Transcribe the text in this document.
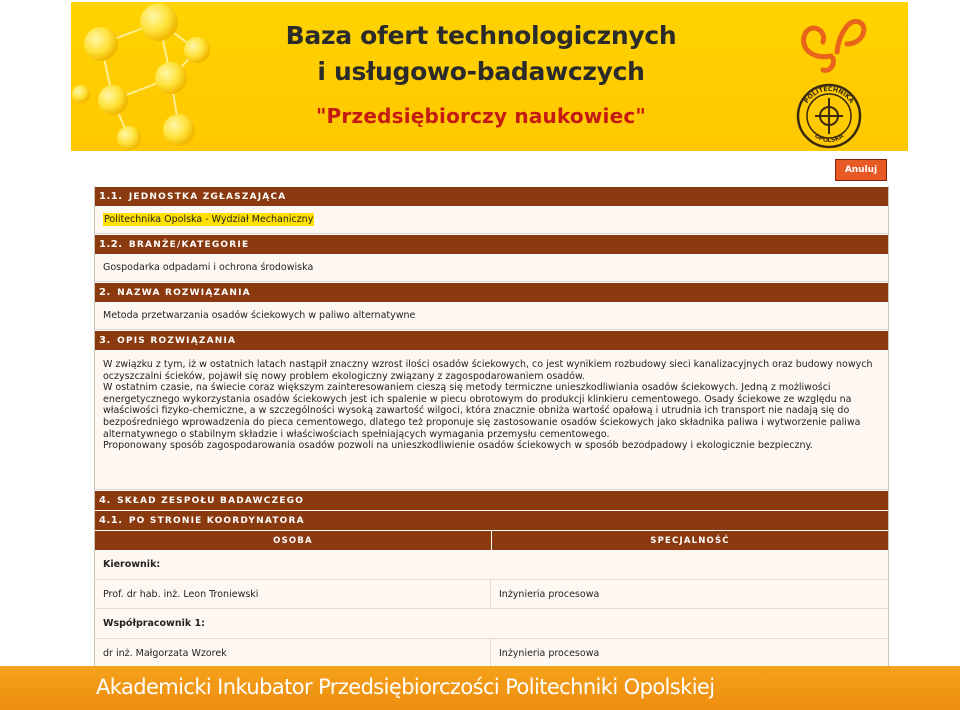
Baza ofert technologicznych
i usługowo-badawczych
"Przedsiębiorczy naukowiec"
POLITECHNIKA
OPOLSKA
Anuluj
1.1. JEDNOSTKA ZGŁASZAJĄCA
Politechnika Opolska - Wydział Mechaniczny
1.2. BRANŻE/KATEGORIE
Gospodarka odpadami i ochrona środowiska
2. NAZWA ROZWIĄZANIA
Metoda przetwarzania osadów ściekowych w paliwo alternatywne
3. OPIS ROZWIĄZANIA

W związku z tym, iż w ostatnich latach nastąpił znaczny wzrost ilości osadów ściekowych, co jest wynikiem rozbudowy sieci kanalizacyjnych oraz budowy nowych oczyszczalni ścieków, pojawił się nowy problem ekologiczny związany z zagospodarowaniem osadów.

W ostatnim czasie, na świecie coraz większym zainteresowaniem cieszą się metody termiczne unieszkodliwiania osadów ściekowych. Jedną z możliwości energetycznego wykorzystania osadów ściekowych jest ich spalenie w piecu obrotowym do produkcji klinkieru cementowego. Osady ściekowe ze względu na właściwości fizyko-chemiczne, a w szczególności wysoką zawartość wilgoci, która znacznie obniża wartość opałową i utrudnia ich transport nie nadają się do bezpośredniego wprowadzenia do pieca cementowego, dlatego też proponuje się zastosowanie osadów ściekowych jako składnika paliwa i wytworzenie paliwa alternatywnego o stabilnym składzie i właściwościach spełniających wymagania przemysłu cementowego.

Proponowany sposób zagospodarowania osadów pozwoli na unieszkodliwienie osadów ściekowych w sposób bezodpadowy i ekologicznie bezpieczny.

4. SKŁAD ZESPOŁU BADAWCZEGO
4.1. PO STRONIE KOORDYNATORA
OSOBA	SPECJALNOŚĆ
Kierownik:
Prof. dr hab. inż. Leon Troniewski	Inżynieria procesowa
Współpracownik 1:
dr inż. Małgorzata Wzorek	Inżynieria procesowa
Akademicki Inkubator Przedsiębiorczości Politechniki Opolskiej
